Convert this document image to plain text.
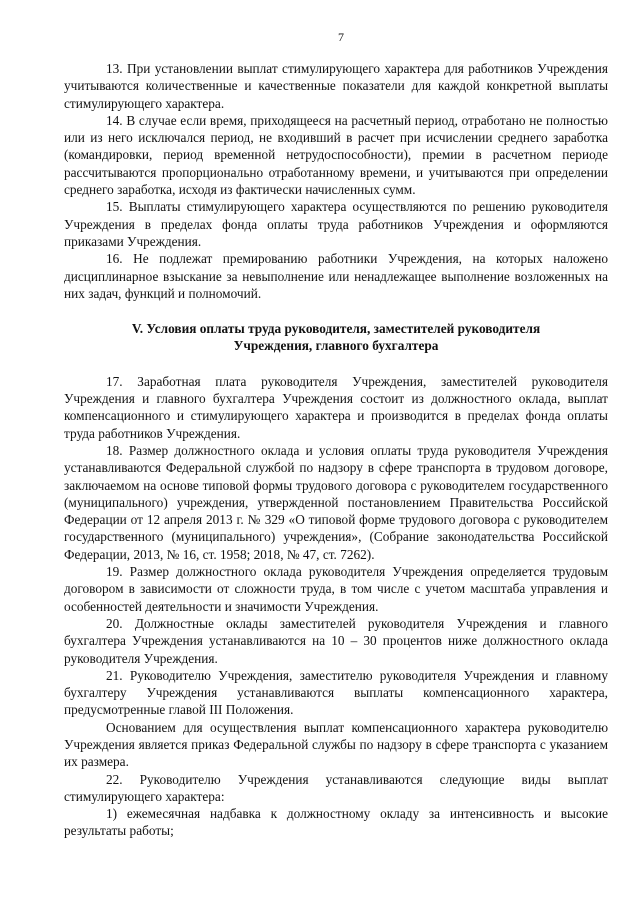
7

13. При установлении выплат стимулирующего характера для работников Учреждения учитываются количественные и качественные показатели для каждой конкретной выплаты стимулирующего характера.

14. В случае если время, приходящееся на расчетный период, отработано не полностью или из него исключался период, не входивший в расчет при исчислении среднего заработка (командировки, период временной нетрудоспособности), премии в расчетном периоде рассчитываются пропорционально отработанному времени, и учитываются при определении среднего заработка, исходя из фактически начисленных сумм.

15. Выплаты стимулирующего характера осуществляются по решению руководителя Учреждения в пределах фонда оплаты труда работников Учреждения и оформляются приказами Учреждения.

16. Не подлежат премированию работники Учреждения, на которых наложено дисциплинарное взыскание за невыполнение или ненадлежащее выполнение возложенных на них задач, функций и полномочий.

V. Условия оплаты труда руководителя, заместителей руководителя
Учреждения, главного бухгалтера

17. Заработная плата руководителя Учреждения, заместителей руководителя Учреждения и главного бухгалтера Учреждения состоит из должностного оклада, выплат компенсационного и стимулирующего характера и производится в пределах фонда оплаты труда работников Учреждения.

18. Размер должностного оклада и условия оплаты труда руководителя Учреждения устанавливаются Федеральной службой по надзору в сфере транспорта в трудовом договоре, заключаемом на основе типовой формы трудового договора с руководителем государственного (муниципального) учреждения, утвержденной постановлением Правительства Российской Федерации от 12 апреля 2013 г. № 329 «О типовой форме трудового договора с руководителем государственного (муниципального) учреждения», (Собрание законодательства Российской Федерации, 2013, № 16, ст. 1958; 2018, № 47, ст. 7262).

19. Размер должностного оклада руководителя Учреждения определяется трудовым договором в зависимости от сложности труда, в том числе с учетом масштаба управления и особенностей деятельности и значимости Учреждения.

20. Должностные оклады заместителей руководителя Учреждения и главного бухгалтера Учреждения устанавливаются на 10 – 30 процентов ниже должностного оклада руководителя Учреждения.

21. Руководителю Учреждения, заместителю руководителя Учреждения и главному бухгалтеру Учреждения устанавливаются выплаты компенсационного характера, предусмотренные главой III Положения.

Основанием для осуществления выплат компенсационного характера руководителю Учреждения является приказ Федеральной службы по надзору в сфере транспорта с указанием их размера.

22. Руководителю Учреждения устанавливаются следующие виды выплат стимулирующего характера:

1) ежемесячная надбавка к должностному окладу за интенсивность и высокие результаты работы;
